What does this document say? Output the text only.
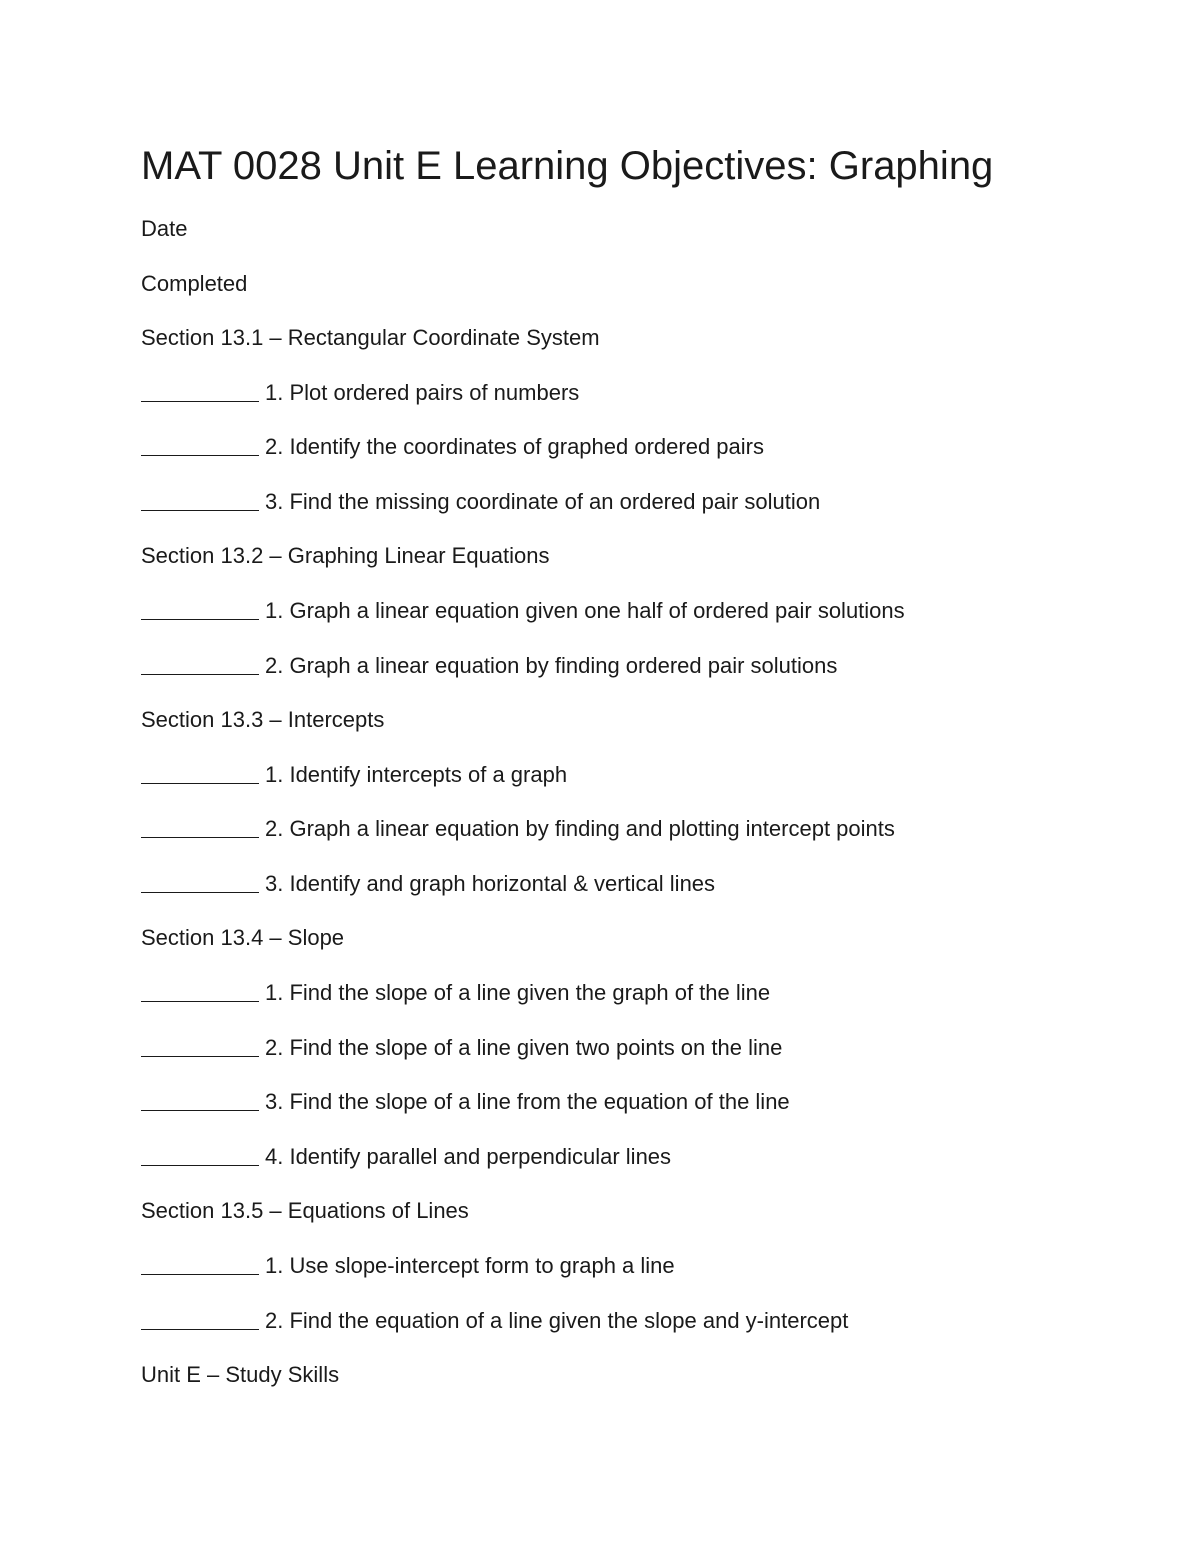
MAT 0028 Unit E Learning Objectives: Graphing
Date
Completed
Section 13.1 – Rectangular Coordinate System
1. Plot ordered pairs of numbers
2. Identify the coordinates of graphed ordered pairs
3. Find the missing coordinate of an ordered pair solution
Section 13.2 – Graphing Linear Equations
1. Graph a linear equation given one half of ordered pair solutions
2. Graph a linear equation by finding ordered pair solutions
Section 13.3 – Intercepts
1. Identify intercepts of a graph
2. Graph a linear equation by finding and plotting intercept points
3. Identify and graph horizontal & vertical lines
Section 13.4 – Slope
1. Find the slope of a line given the graph of the line
2. Find the slope of a line given two points on the line
3. Find the slope of a line from the equation of the line
4. Identify parallel and perpendicular lines
Section 13.5 – Equations of Lines
1. Use slope-intercept form to graph a line
2. Find the equation of a line given the slope and y-intercept
Unit E – Study Skills
